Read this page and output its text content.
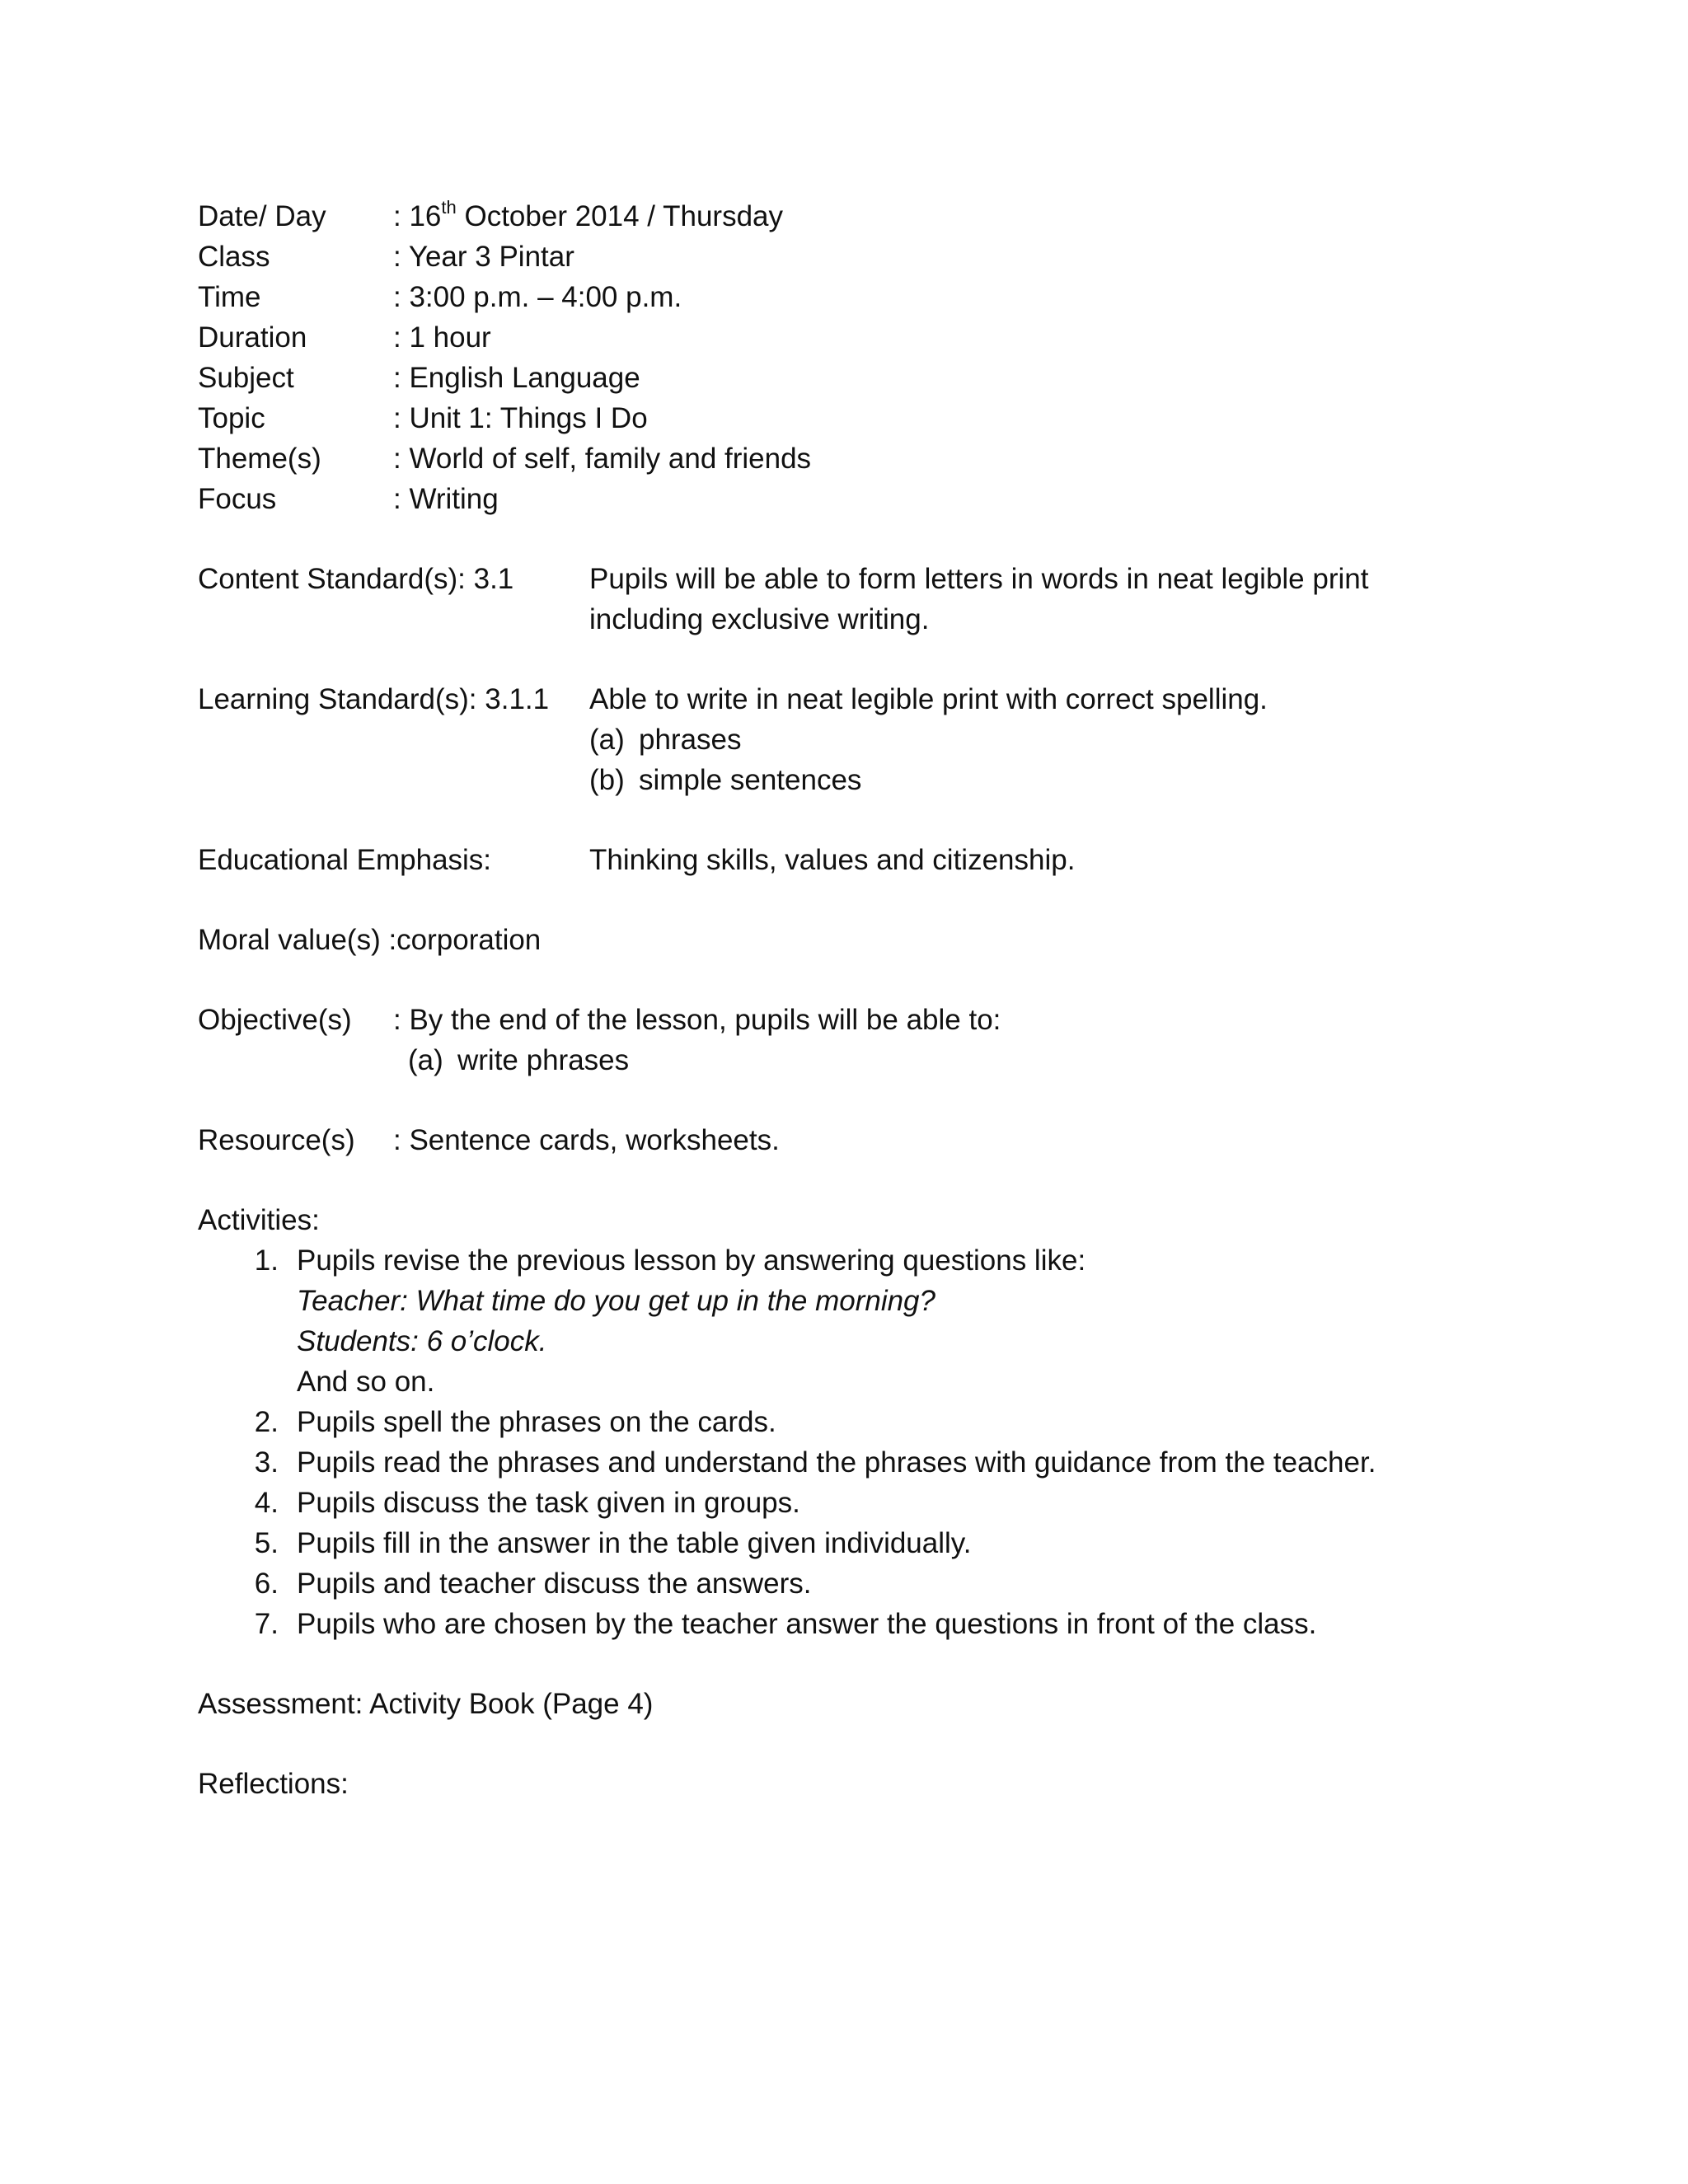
Date/ Day	: 16th October 2014 / Thursday
Class	: Year 3 Pintar
Time	: 3:00 p.m. – 4:00 p.m.
Duration	: 1 hour
Subject	: English Language
Topic	: Unit 1: Things I Do
Theme(s)	: World of self, family and friends
Focus	: Writing
Content Standard(s): 3.1	Pupils will be able to form letters in words in neat legible print
including exclusive writing.
Learning Standard(s): 3.1.1	Able to write in neat legible print with correct spelling.
(a) phrases
(b) simple sentences
Educational Emphasis:	Thinking skills, values and citizenship.
Moral value(s) :corporation
Objective(s)	: By the end of the lesson, pupils will be able to:
(a) write phrases
Resource(s)	: Sentence cards, worksheets.
Activities:
1. Pupils revise the previous lesson by answering questions like:
Teacher: What time do you get up in the morning?
Students: 6 o’clock.
And so on.
2. Pupils spell the phrases on the cards.
3. Pupils read the phrases and understand the phrases with guidance from the teacher.
4. Pupils discuss the task given in groups.
5. Pupils fill in the answer in the table given individually.
6. Pupils and teacher discuss the answers.
7. Pupils who are chosen by the teacher answer the questions in front of the class.
Assessment: Activity Book (Page 4)
Reflections:
